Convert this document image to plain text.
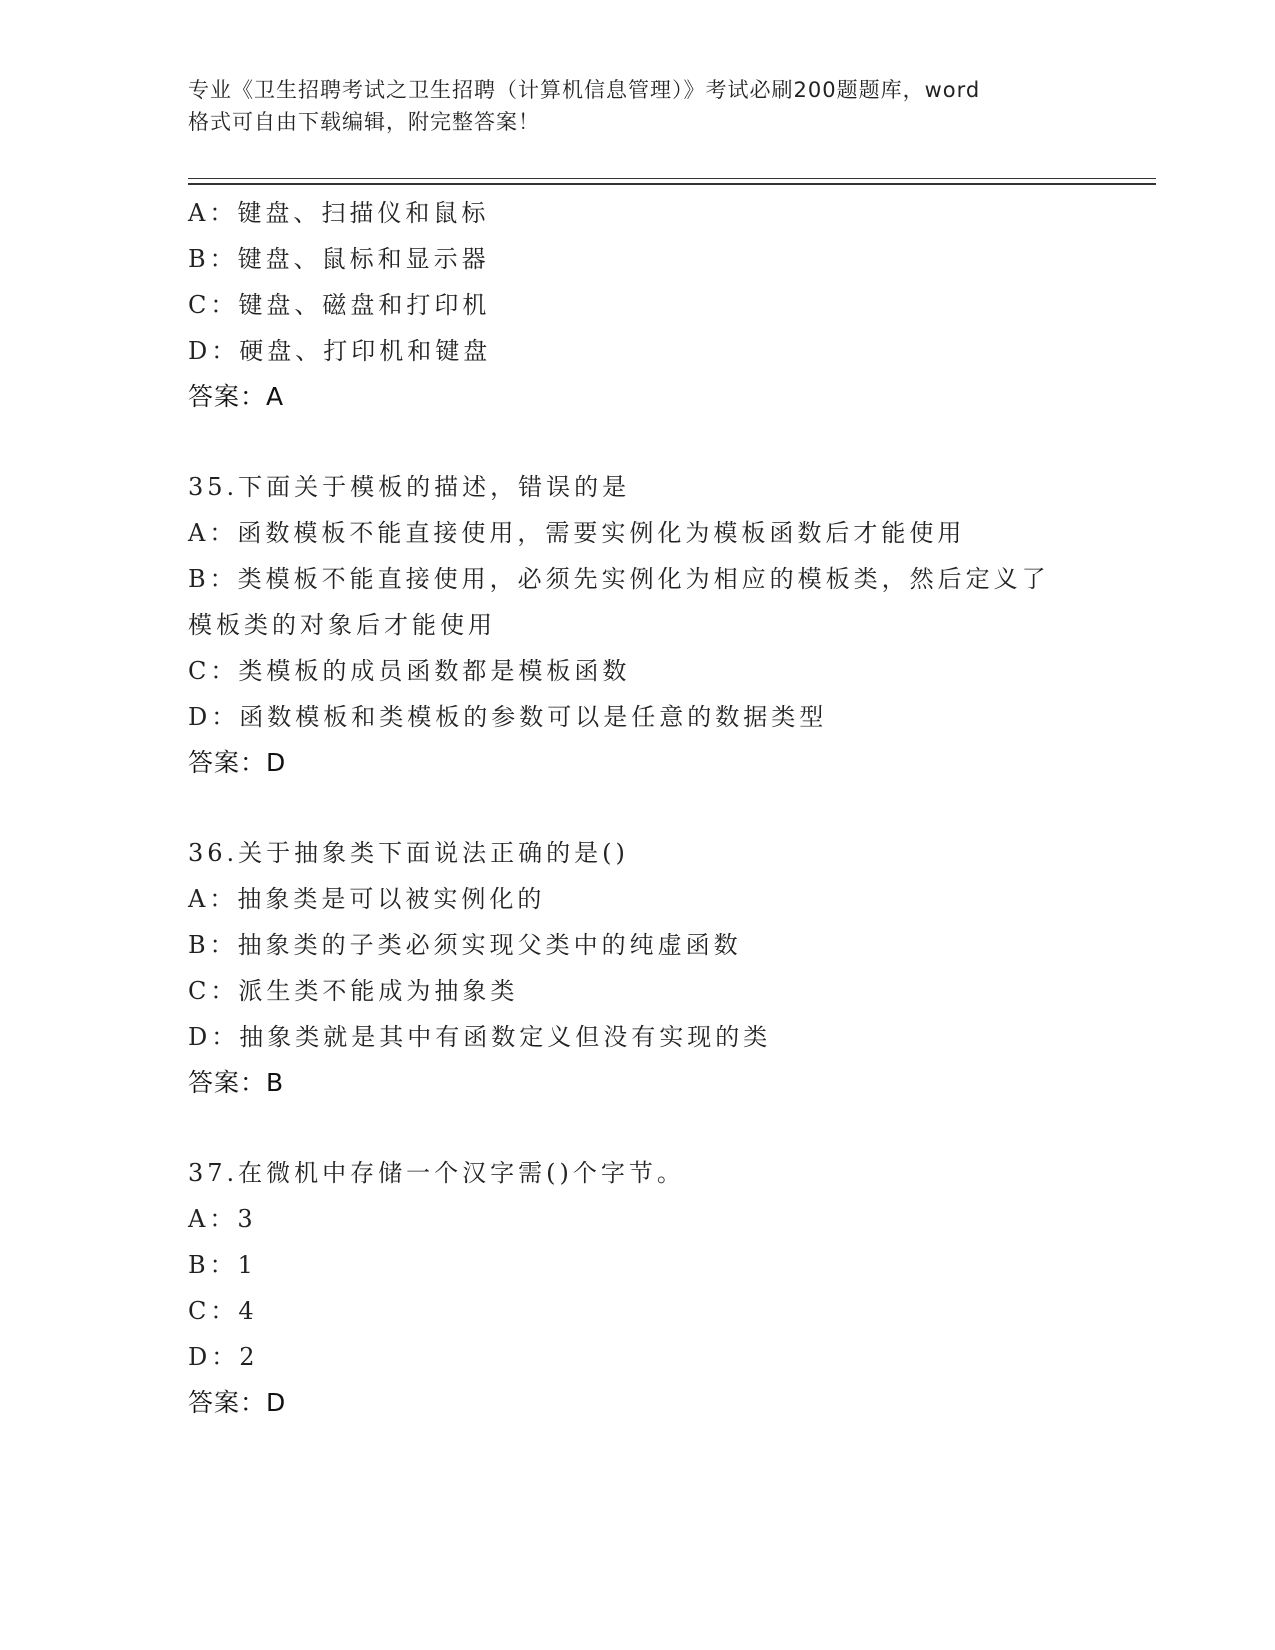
专业《卫生招聘考试之卫生招聘（计算机信息管理）》考试必刷200题题库，word
格式可自由下载编辑，附完整答案！
A：键盘、扫描仪和鼠标
B：键盘、鼠标和显示器
C：键盘、磁盘和打印机
D：硬盘、打印机和键盘
答案：A
35.下面关于模板的描述，错误的是
A：函数模板不能直接使用，需要实例化为模板函数后才能使用
B：类模板不能直接使用，必须先实例化为相应的模板类，然后定义了
模板类的对象后才能使用
C：类模板的成员函数都是模板函数
D：函数模板和类模板的参数可以是任意的数据类型
答案：D
36.关于抽象类下面说法正确的是()
A：抽象类是可以被实例化的
B：抽象类的子类必须实现父类中的纯虚函数
C：派生类不能成为抽象类
D：抽象类就是其中有函数定义但没有实现的类
答案：B
37.在微机中存储一个汉字需()个字节。
A：3
B：1
C：4
D：2
答案：D
